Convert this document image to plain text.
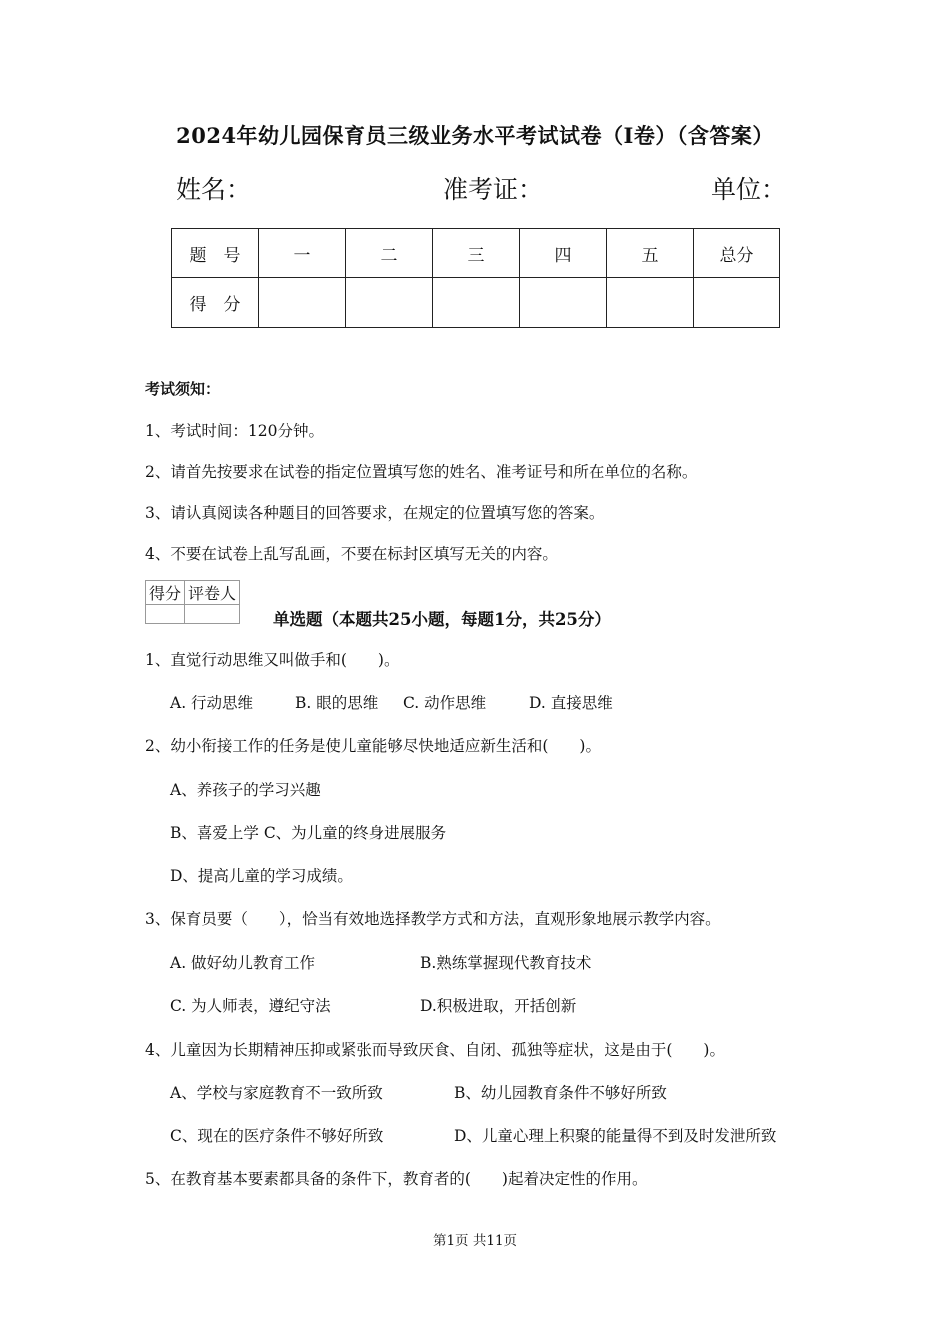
2024年幼儿园保育员三级业务水平考试试卷（I卷）（含答案）
姓名：	准考证：	单位：
题　号	一	二	三	四	五	总分
得　分						
考试须知：
1、考试时间：120分钟。
2、请首先按要求在试卷的指定位置填写您的姓名、准考证号和所在单位的名称。
3、请认真阅读各种题目的回答要求，在规定的位置填写您的答案。
4、不要在试卷上乱写乱画，不要在标封区填写无关的内容。
得分	评卷人

单选题（本题共25小题，每题1分，共25分）
1、直觉行动思维又叫做手和(　　)。
A. 行动思维	B. 眼的思维 C. 动作思维	D. 直接思维
2、幼小衔接工作的任务是使儿童能够尽快地适应新生活和(　　)。
A、养孩子的学习兴趣
B、喜爱上学 C、为儿童的终身进展服务
D、提高儿童的学习成绩。
3、保育员要（　　），恰当有效地选择教学方式和方法，直观形象地展示教学内容。
A. 做好幼儿教育工作	B.熟练掌握现代教育技术
C. 为人师表，遵纪守法	D.积极进取，开括创新
4、儿童因为长期精神压抑或紧张而导致厌食、自闭、孤独等症状，这是由于(　　)。
A、学校与家庭教育不一致所致	B、幼儿园教育条件不够好所致
C、现在的医疗条件不够好所致	D、儿童心理上积聚的能量得不到及时发泄所致
5、在教育基本要素都具备的条件下，教育者的(　　)起着决定性的作用。
第1页 共11页
